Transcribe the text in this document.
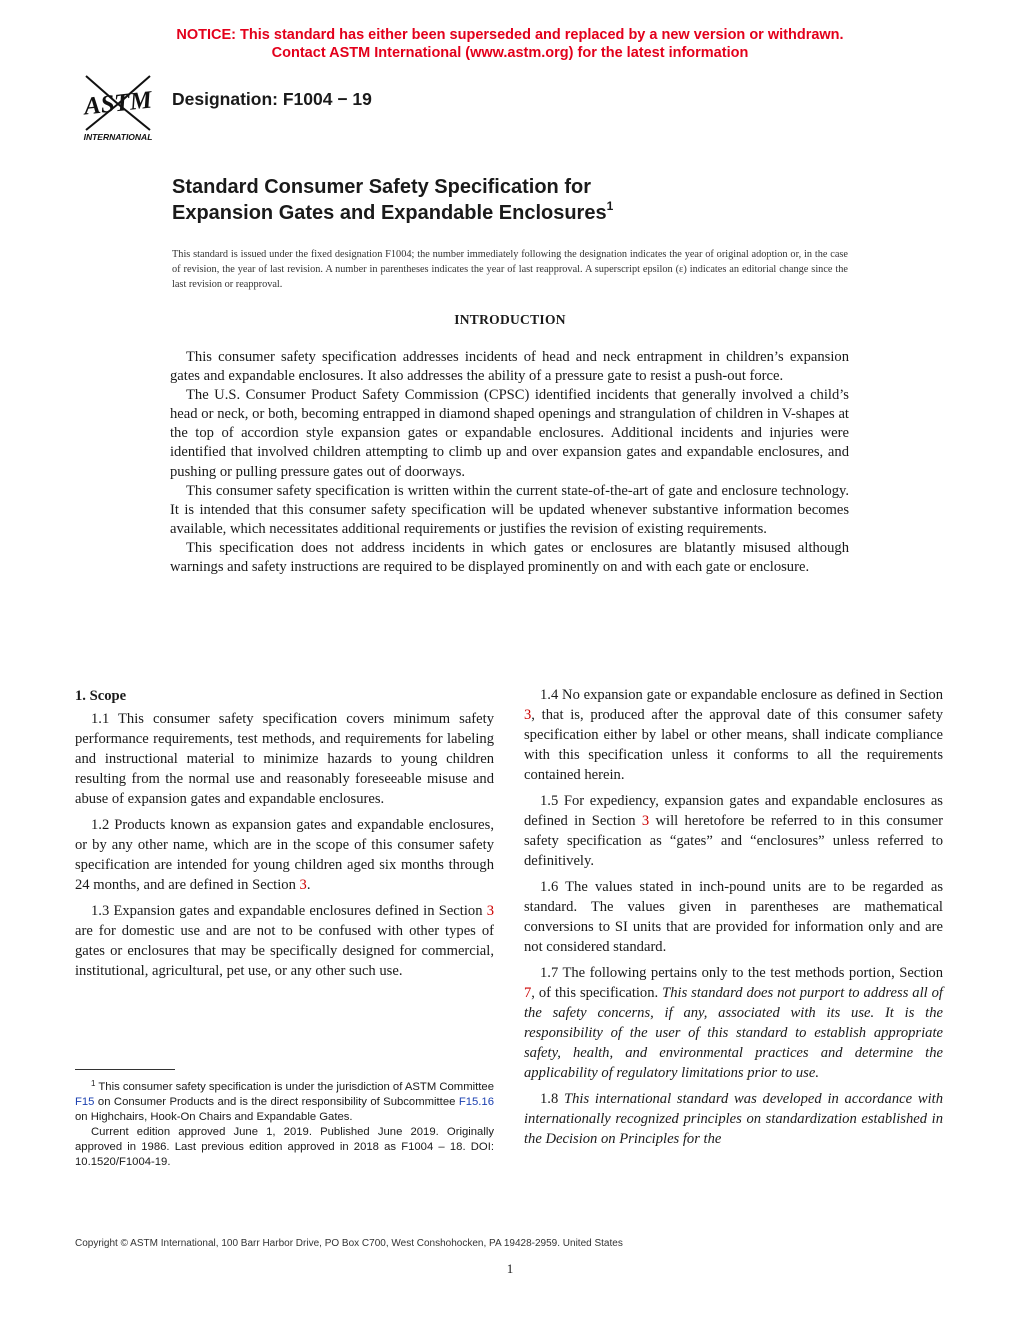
NOTICE: This standard has either been superseded and replaced by a new version or withdrawn.
Contact ASTM International (www.astm.org) for the latest information
ASTM
INTERNATIONAL
Designation: F1004 − 19
Standard Consumer Safety Specification for
Expansion Gates and Expandable Enclosures$^1$
This standard is issued under the fixed designation F1004; the number immediately following the designation indicates the year of original adoption or, in the case of revision, the year of last revision. A number in parentheses indicates the year of last reapproval. A superscript epsilon (ε) indicates an editorial change since the last revision or reapproval.
INTRODUCTION

This consumer safety specification addresses incidents of head and neck entrapment in children’s expansion gates and expandable enclosures. It also addresses the ability of a pressure gate to resist a push-out force.

The U.S. Consumer Product Safety Commission (CPSC) identified incidents that generally involved a child’s head or neck, or both, becoming entrapped in diamond shaped openings and strangulation of children in V-shapes at the top of accordion style expansion gates or expandable enclosures. Additional incidents and injuries were identified that involved children attempting to climb up and over expansion gates and expandable enclosures, and pushing or pulling pressure gates out of doorways.

This consumer safety specification is written within the current state-of-the-art of gate and enclosure technology. It is intended that this consumer safety specification will be updated whenever substantive information becomes available, which necessitates additional requirements or justifies the revision of existing requirements.

This specification does not address incidents in which gates or enclosures are blatantly misused although warnings and safety instructions are required to be displayed prominently on and with each gate or enclosure.

1. Scope

1.1 This consumer safety specification covers minimum safety performance requirements, test methods, and requirements for labeling and instructional material to minimize hazards to young children resulting from the normal use and reasonably foreseeable misuse and abuse of expansion gates and expandable enclosures.

1.2 Products known as expansion gates and expandable enclosures, or by any other name, which are in the scope of this consumer safety specification are intended for young children aged six months through 24 months, and are defined in Section 3.

1.3 Expansion gates and expandable enclosures defined in Section 3 are for domestic use and are not to be confused with other types of gates or enclosures that may be specifically designed for commercial, institutional, agricultural, pet use, or any other such use.

1.4 No expansion gate or expandable enclosure as defined in Section 3, that is, produced after the approval date of this consumer safety specification either by label or other means, shall indicate compliance with this specification unless it conforms to all the requirements contained herein.

1.5 For expediency, expansion gates and expandable enclosures as defined in Section 3 will heretofore be referred to in this consumer safety specification as “gates” and “enclosures” unless referred to definitively.

1.6 The values stated in inch-pound units are to be regarded as standard. The values given in parentheses are mathematical conversions to SI units that are provided for information only and are not considered standard.

1.7 The following pertains only to the test methods portion, Section 7, of this specification. This standard does not purport to address all of the safety concerns, if any, associated with its use. It is the responsibility of the user of this standard to establish appropriate safety, health, and environmental practices and determine the applicability of regulatory limitations prior to use.

1.8 This international standard was developed in accordance with internationally recognized principles on standardization established in the Decision on Principles for the

$^1$ This consumer safety specification is under the jurisdiction of ASTM Committee F15 on Consumer Products and is the direct responsibility of Subcommittee F15.16 on Highchairs, Hook-On Chairs and Expandable Gates.

Current edition approved June 1, 2019. Published June 2019. Originally approved in 1986. Last previous edition approved in 2018 as F1004 – 18. DOI: 10.1520/F1004-19.

Copyright © ASTM International, 100 Barr Harbor Drive, PO Box C700, West Conshohocken, PA 19428-2959. United States
1
